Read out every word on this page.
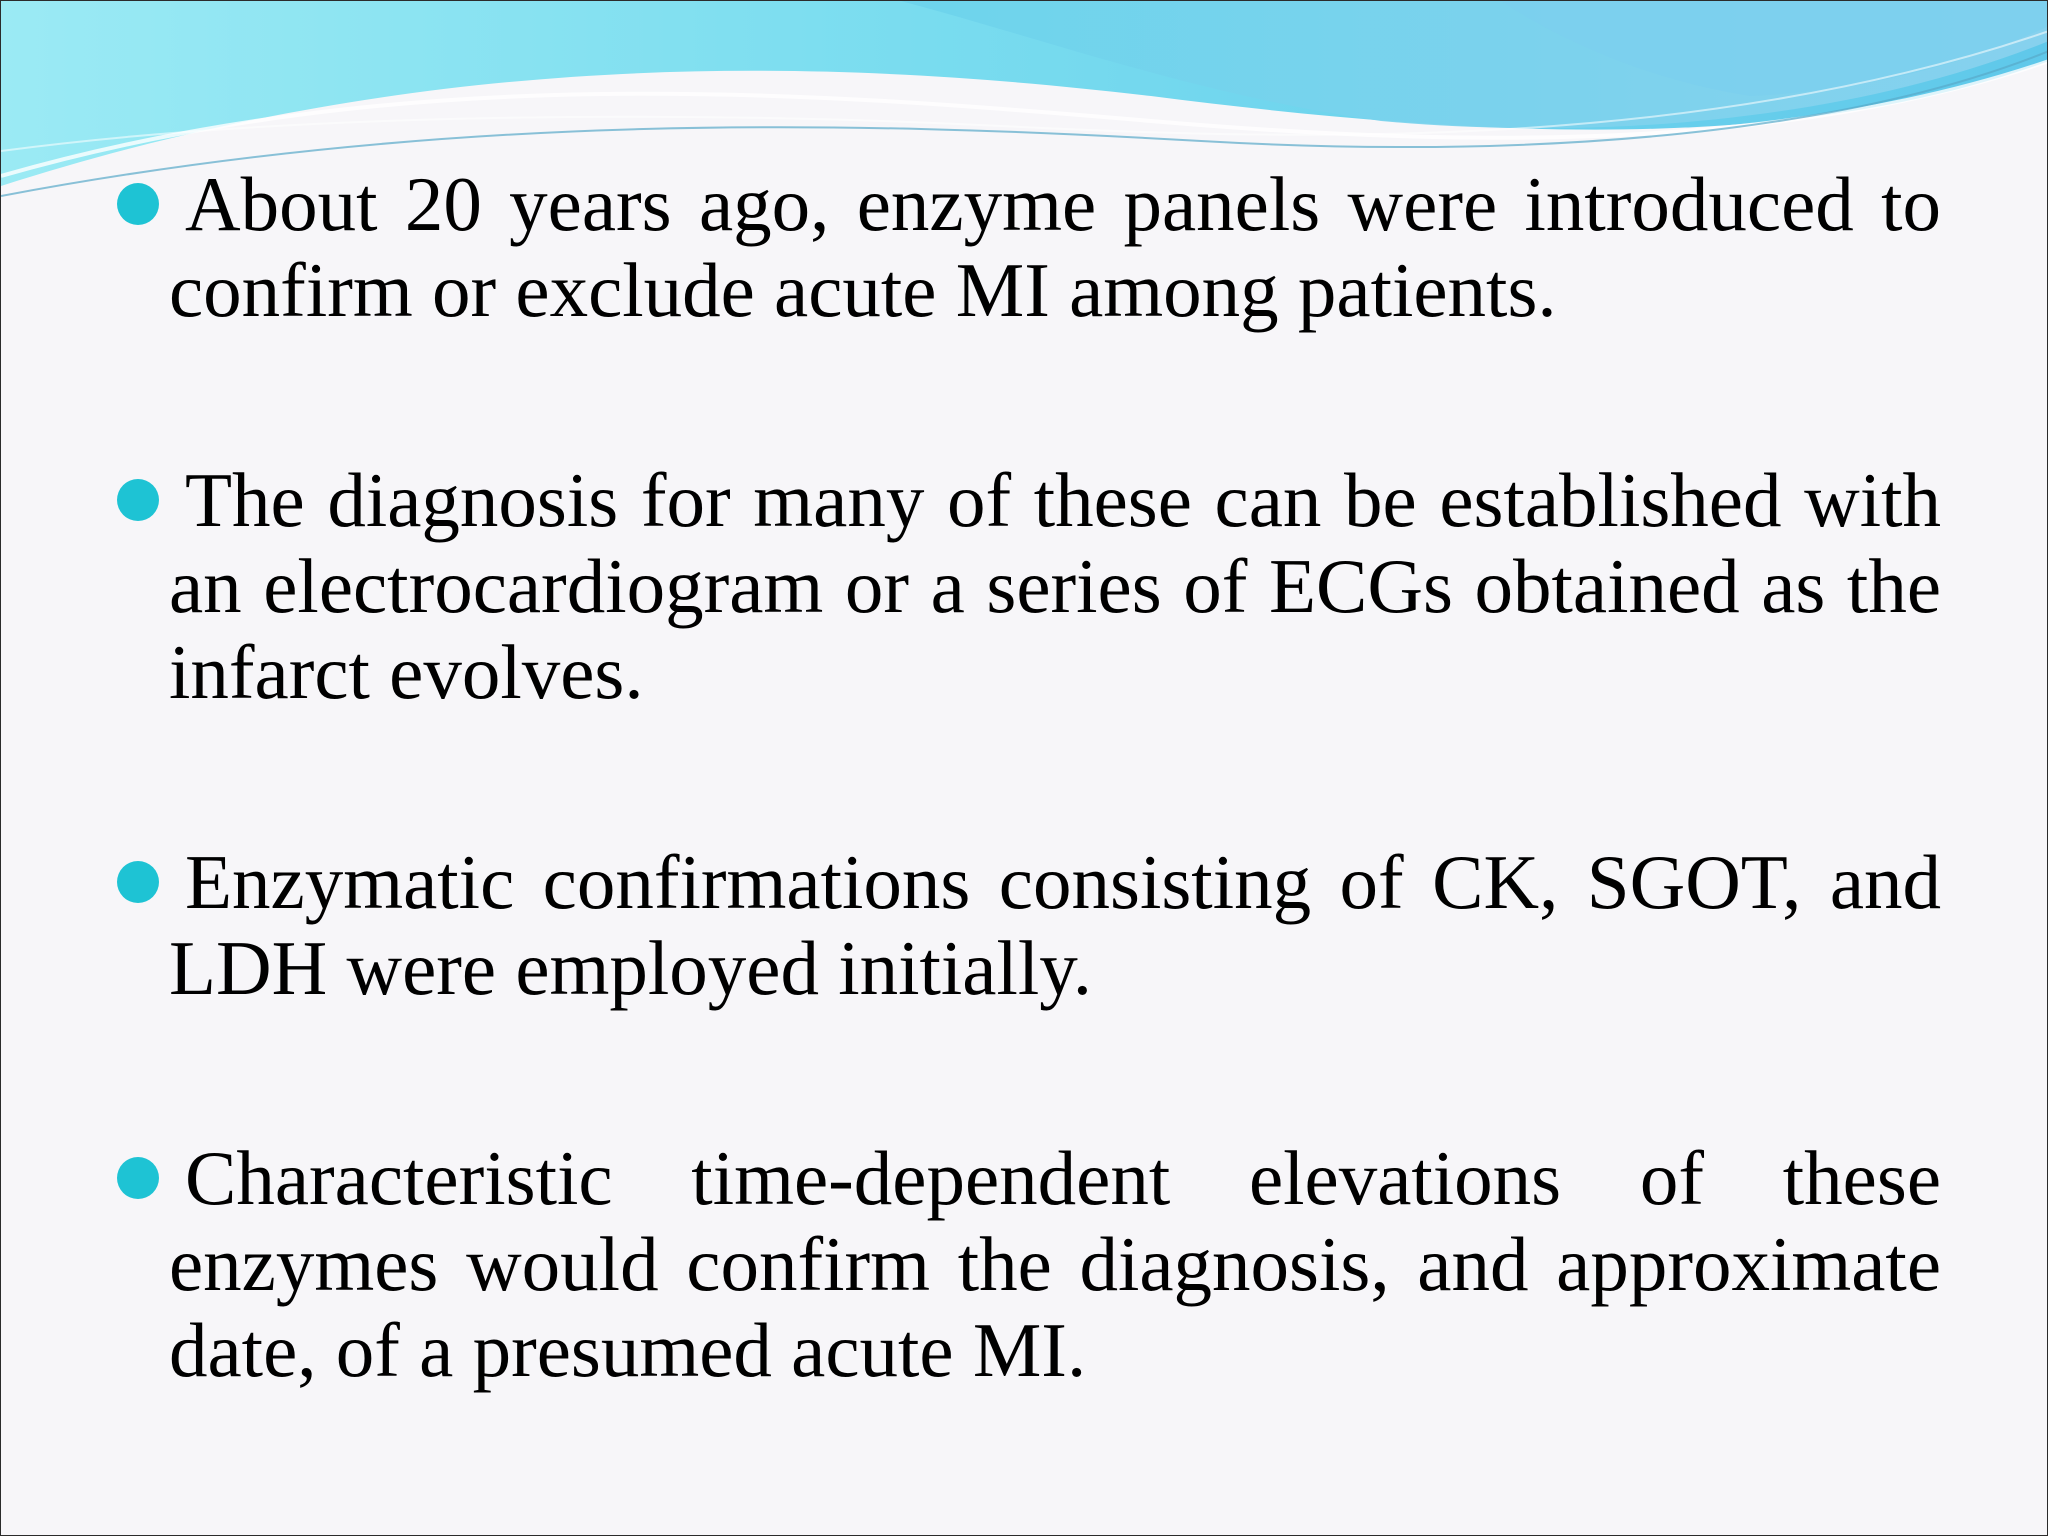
About 20 years ago, enzyme panels were introduced to confirm or exclude acute MI among patients.
The diagnosis for many of these can be established with an electrocardiogram or a series of ECGs obtained as the infarct evolves.
Enzymatic confirmations consisting of CK, SGOT, and LDH were employed initially.
Characteristic time-dependent elevations of these enzymes would confirm the diagnosis, and approximate date, of a presumed acute MI.
